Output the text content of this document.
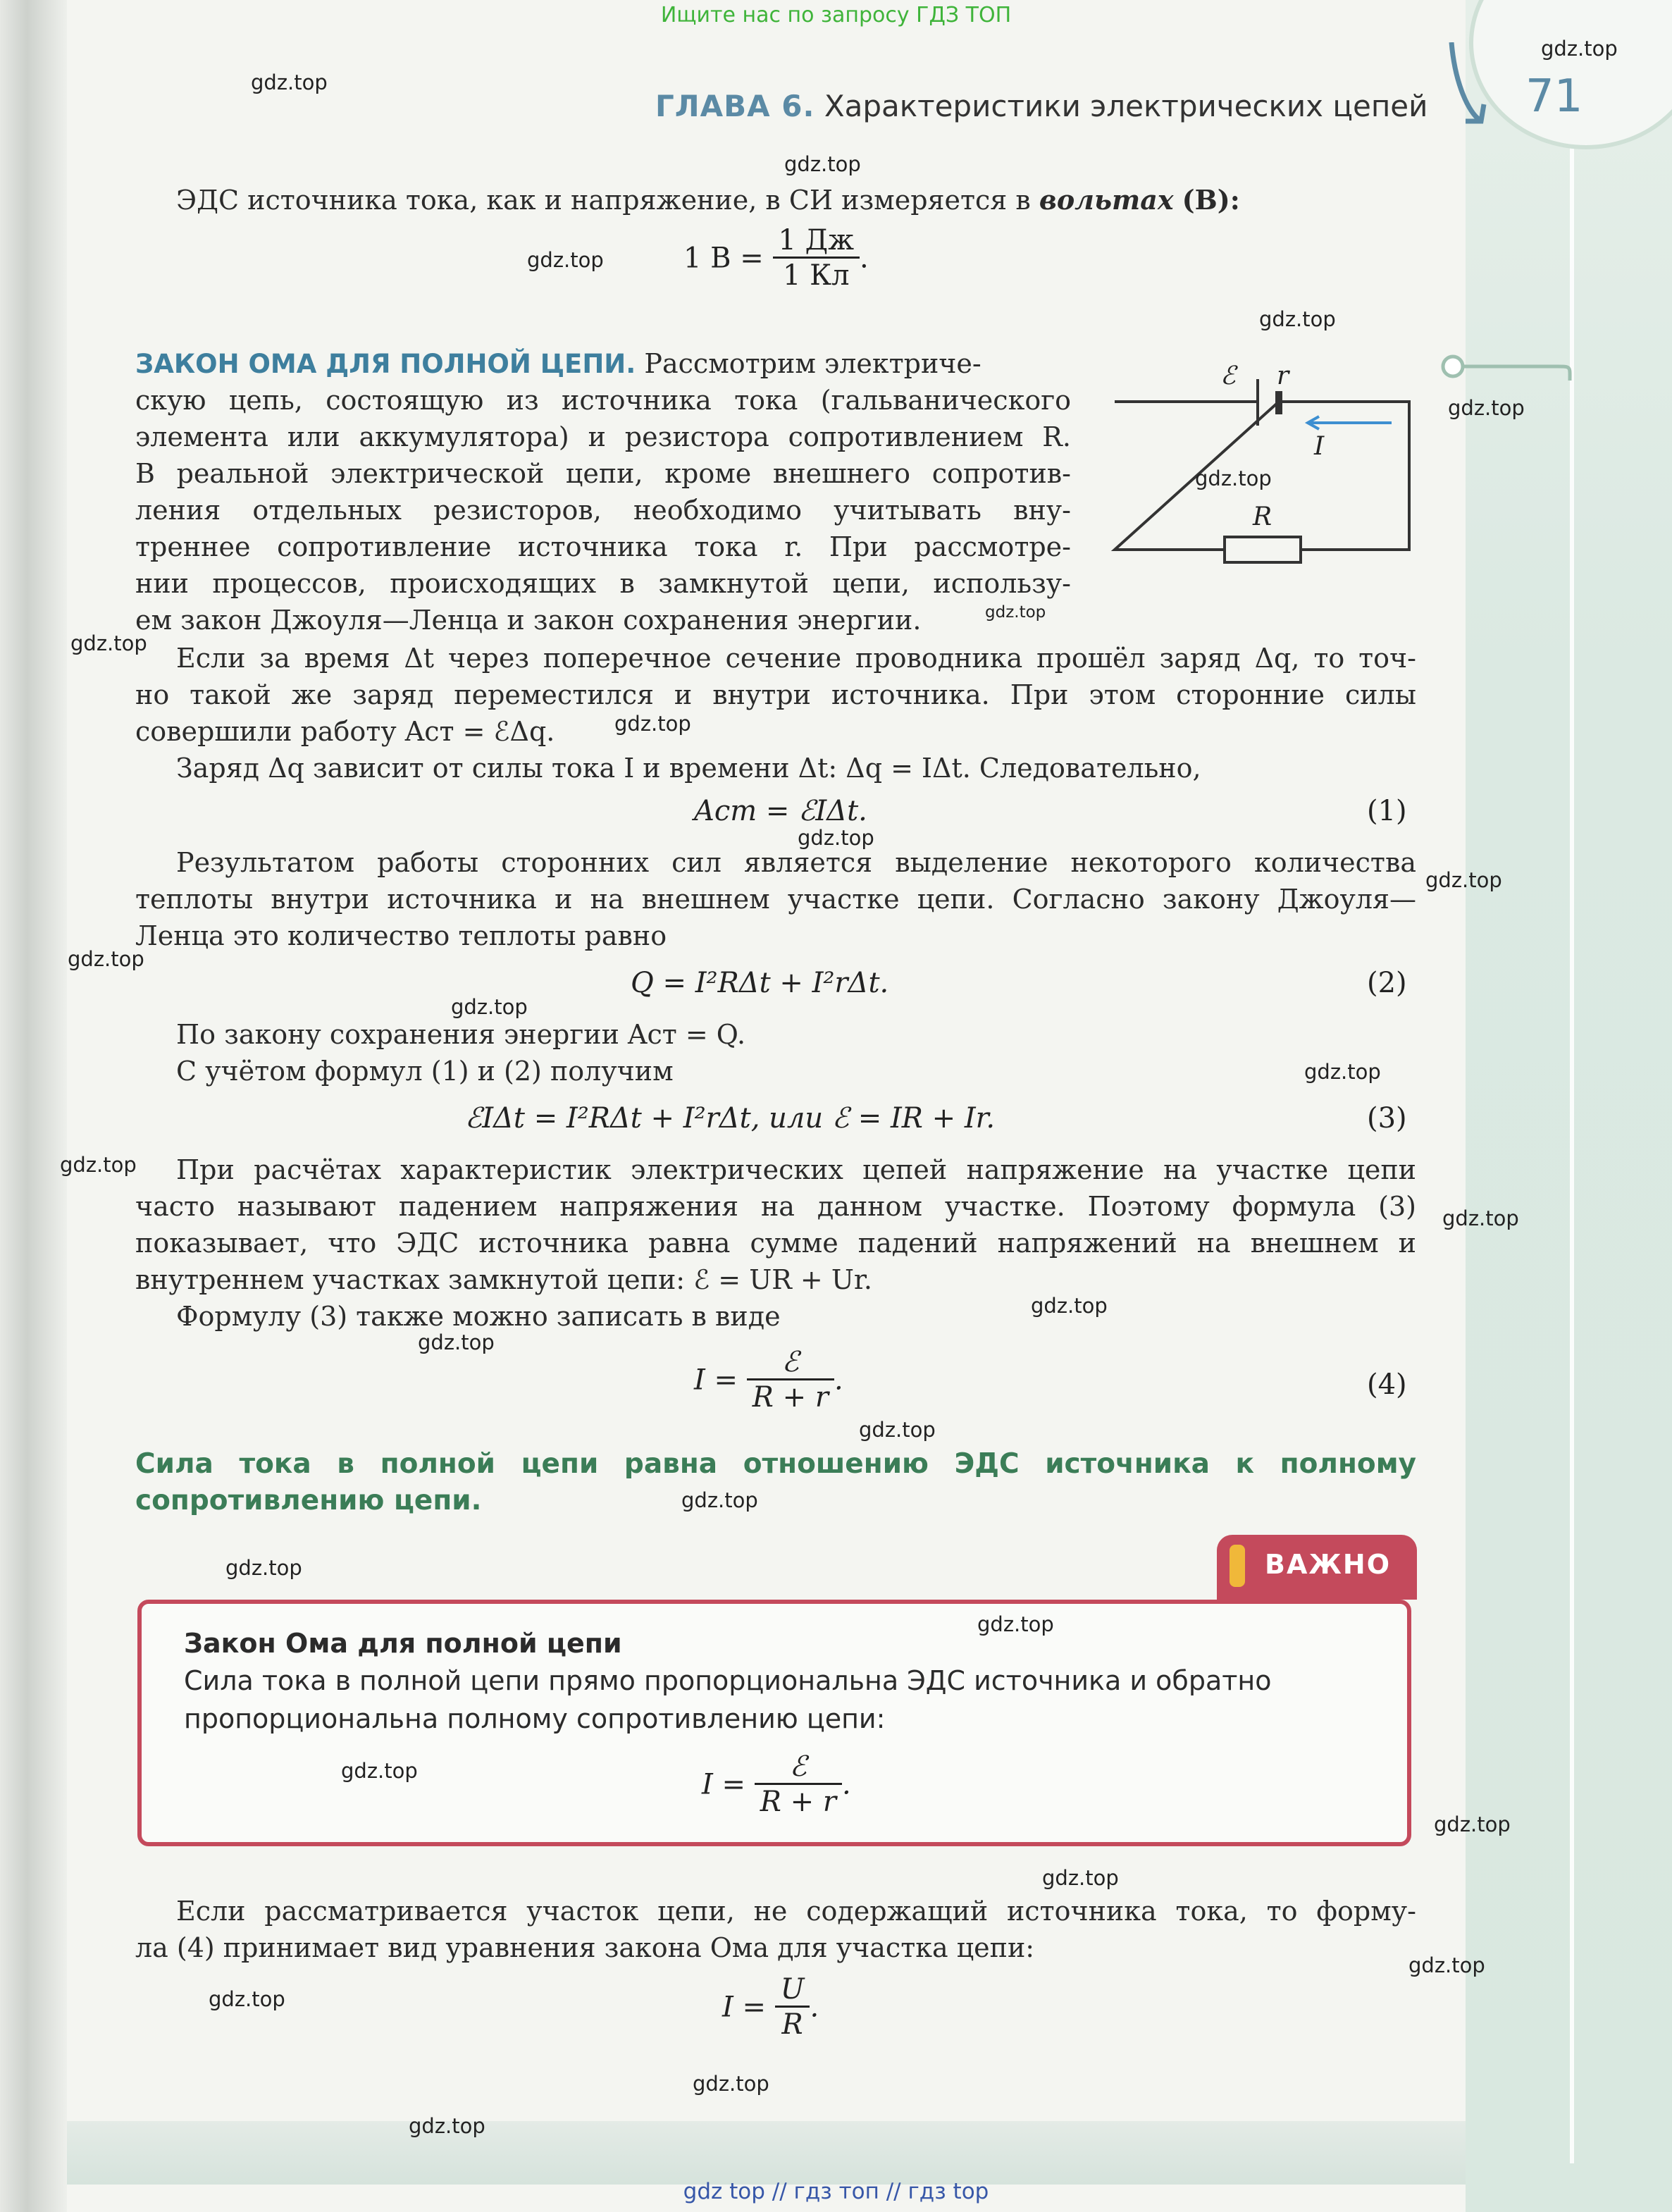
71
Ищите нас по запросу ГДЗ ТОП
ГЛАВА 6. Характеристики электрических цепей
ЭДС источника тока, как и напряжение, в СИ измеряется в вольтах (В):
1 $В = \frac{1 Дж}{1 Кл}$ .
ЗАКОН ОМА ДЛЯ ПОЛНОЙ ЦЕПИ. Рассмотрим электриче-
скую цепь, состоящую из источника тока (гальванического
элемента или аккумулятора) и резистора сопротивлением R.
В реальной электрической цепи, кроме внешнего сопротив-
ления отдельных резисторов, необходимо учитывать вну-
треннее сопротивление источника тока r. При рассмотре-
нии процессов, происходящих в замкнутой цепи, использу-
ем закон Джоуля—Ленца и закон сохранения энергии.
ℰ r
I
R
Если за время Δt через поперечное сечение проводника прошёл заряд Δq, то точ-
но такой же заряд переместился и внутри источника. При этом сторонние силы
совершили работу Aст = ℰΔq.
Заряд Δq зависит от силы тока I и времени Δt: Δq = IΔt. Следовательно,
Aст = ℰIΔt.	(1)
Результатом работы сторонних сил является выделение некоторого количества
теплоты внутри источника и на внешнем участке цепи. Согласно закону Джоуля—
Ленца это количество теплоты равно
Q = I²RΔt + I²rΔt.	(2)
По закону сохранения энергии Aст = Q.
С учётом формул (1) и (2) получим
ℰIΔt = I²RΔt + I²rΔt, или ℰ = IR + Ir.	(3)
При расчётах характеристик электрических цепей напряжение на участке цепи
часто называют падением напряжения на данном участке. Поэтому формула (3)
показывает, что ЭДС источника равна сумме падений напряжений на внешнем и
внутреннем участках замкнутой цепи: ℰ = UR + Ur.
Формулу (3) также можно записать в виде
$I = \frac{\text{ℰ}}{R + r}$ .	(4)
Сила тока в полной цепи равна отношению ЭДС источника к полному
сопротивлению цепи.
ВАЖНО
Закон Ома для полной цепи
Сила тока в полной цепи прямо пропорциональна ЭДС источника и обратно пропорциональна полному сопротивлению цепи:
$I = \frac{\text{ℰ}}{R + r}$ .
Если рассматривается участок цепи, не содержащий источника тока, то форму-
ла (4) принимает вид уравнения закона Ома для участка цепи:
$I = \frac{U}{R}$ .
gdz.top
gdz.top
gdz.top
gdz.top
gdz.top
gdz.top
gdz.top
gdz.top
gdz.top
gdz.top
gdz.top
gdz.top
gdz.top
gdz.top
gdz.top
gdz.top
gdz.top
gdz.top
gdz.top
gdz.top
gdz.top
gdz.top
gdz.top
gdz.top
gdz.top
gdz.top
gdz.top
gdz.top
gdz.top
gdz.top
gdz top // гдз топ // гдз top
